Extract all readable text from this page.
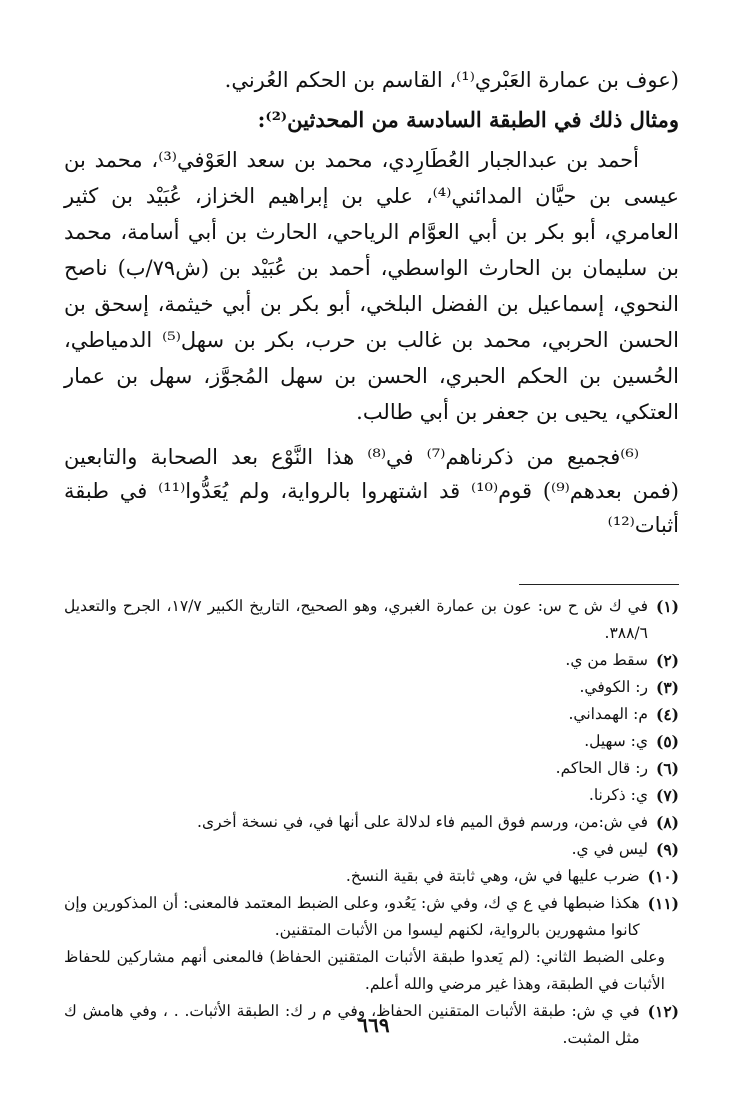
(عوف بن عمارة العَبْري⁽¹⁾، القاسم بن الحكم العُرني.

ومثال ذلك في الطبقة السادسة من المحدثين⁽²⁾:

أحمد بن عبدالجبار العُطَارِدي، محمد بن سعد العَوْفي⁽³⁾، محمد بن عيسى بن حيَّان المدائني⁽⁴⁾، علي بن إبراهيم الخزاز، عُبَيْد بن كثير العامري، أبو بكر بن أبي العوَّام الرياحي، الحارث بن أبي أسامة، محمد بن سليمان بن الحارث الواسطي، أحمد بن عُبَيْد بن (ش٧٩/ب) ناصح النحوي، إسماعيل بن الفضل البلخي، أبو بكر بن أبي خيثمة، إسحق بن الحسن الحربي، محمد بن غالب بن حرب، بكر بن سهل⁽⁵⁾ الدمياطي، الحُسين بن الحكم الحبري، الحسن بن سهل المُجوَّز، سهل بن عمار العتكي، يحيى بن جعفر بن أبي طالب.

⁽⁶⁾فجميع من ذكرناهم⁽⁷⁾ في⁽⁸⁾ هذا النَّوْع بعد الصحابة والتابعين (فمن بعدهم⁽⁹⁾) قوم⁽¹⁰⁾ قد اشتهروا بالرواية، ولم يُعَدُّوا⁽¹¹⁾ في طبقة أثبات⁽¹²⁾

(١)
في ك ش ح س: عون بن عمارة الغبري، وهو الصحيح، التاريخ الكبير ١٧/٧، الجرح والتعديل ٣٨٨/٦.
(٢)
سقط من ي.
(٣)
ر: الكوفي.
(٤)
م: الهمداني.
(٥)
ي: سهيل.
(٦)
ر: قال الحاكم.
(٧)
ي: ذكرنا.
(٨)
في ش:من، ورسم فوق الميم فاء لدلالة على أنها في، في نسخة أخرى.
(٩)
ليس في ي.
(١٠)
ضرب عليها في ش، وهي ثابتة في بقية النسخ.
(١١)
هكذا ضبطها في ع ي ك، وفي ش: يَعُدو، وعلى الضبط المعتمد فالمعنى: أن المذكورين وإن كانوا مشهورين بالرواية، لكنهم ليسوا من الأثبات المتقنين.
وعلى الضبط الثاني: (لم يَعدوا طبقة الأثبات المتقنين الحفاظ) فالمعنى أنهم مشاركين للحفاظ الأثبات في الطبقة، وهذا غير مرضي والله أعلم.
(١٢)
في ي ش: طبقة الأثبات المتقنين الحفاظ، وفي م ر ك: الطبقة الأثبات. . ، وفي هامش ك مثل المثبت.
٦٦٩
